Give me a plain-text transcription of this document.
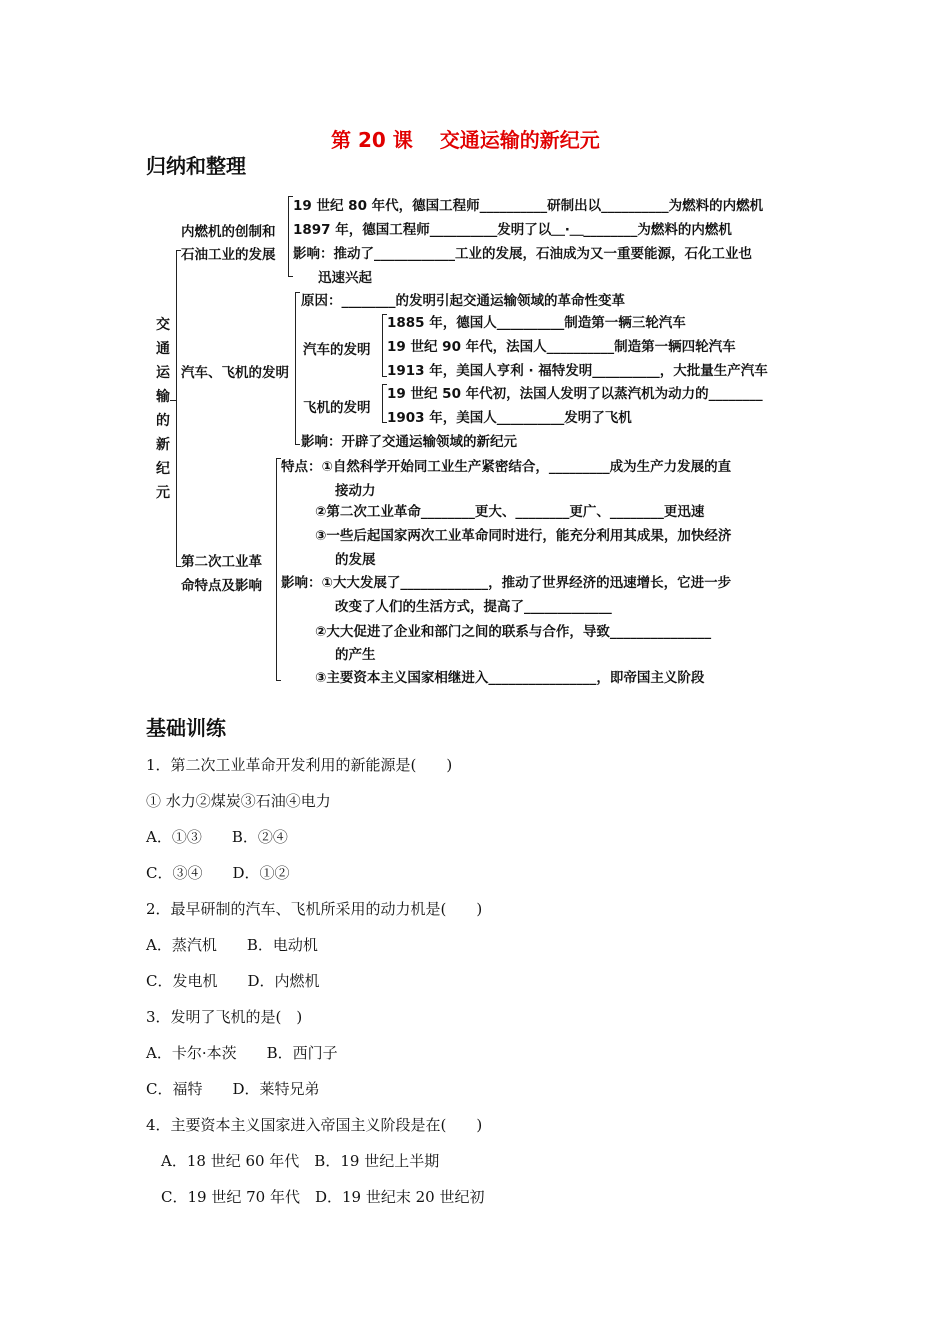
第 20 课　 交通运输的新纪元
归纳和整理
交
通
运
输
的
新
纪
元
内燃机的创制和
石油工业的发展
19 世纪 80 年代，德国工程师__________研制出以__________为燃料的内燃机
1897 年，德国工程师__________发明了以＿·＿________为燃料的内燃机
影响：推动了____________工业的发展，石油成为又一重要能源，石化工业也
迅速兴起
汽车、飞机的发明
原因：________的发明引起交通运输领域的革命性变革
汽车的发明
1885 年，德国人__________制造第一辆三轮汽车
19 世纪 90 年代，法国人__________制造第一辆四轮汽车
1913 年，美国人亨利 · 福特发明__________，大批量生产汽车
飞机的发明
19 世纪 50 年代初，法国人发明了以蒸汽机为动力的________
1903 年，美国人__________发明了飞机
影响：开辟了交通运输领域的新纪元
第二次工业革
命特点及影响
特点：①自然科学开始同工业生产紧密结合，_________成为生产力发展的直
接动力
②第二次工业革命________更大、________更广、________更迅速
③一些后起国家两次工业革命同时进行，能充分利用其成果，加快经济
的发展
影响：①大大发展了_____________，推动了世界经济的迅速增长，它进一步
改变了人们的生活方式，提高了_____________
②大大促进了企业和部门之间的联系与合作，导致_______________
的产生
③主要资本主义国家相继进入________________，即帝国主义阶段
基础训练
1．第二次工业革命开发利用的新能源是(　　)
① 水力②煤炭③石油④电力
A．①③　　B．②④
C．③④　　D．①②
2．最早研制的汽车、飞机所采用的动力机是(　　)
A．蒸汽机　　B．电动机
C．发电机　　D．内燃机
3．发明了飞机的是(　)
A．卡尔·本茨　　B．西门子
C．福特　　D．莱特兄弟
4．主要资本主义国家进入帝国主义阶段是在(　　)
　A．18 世纪 60 年代　B．19 世纪上半期
　C．19 世纪 70 年代　D．19 世纪末 20 世纪初
